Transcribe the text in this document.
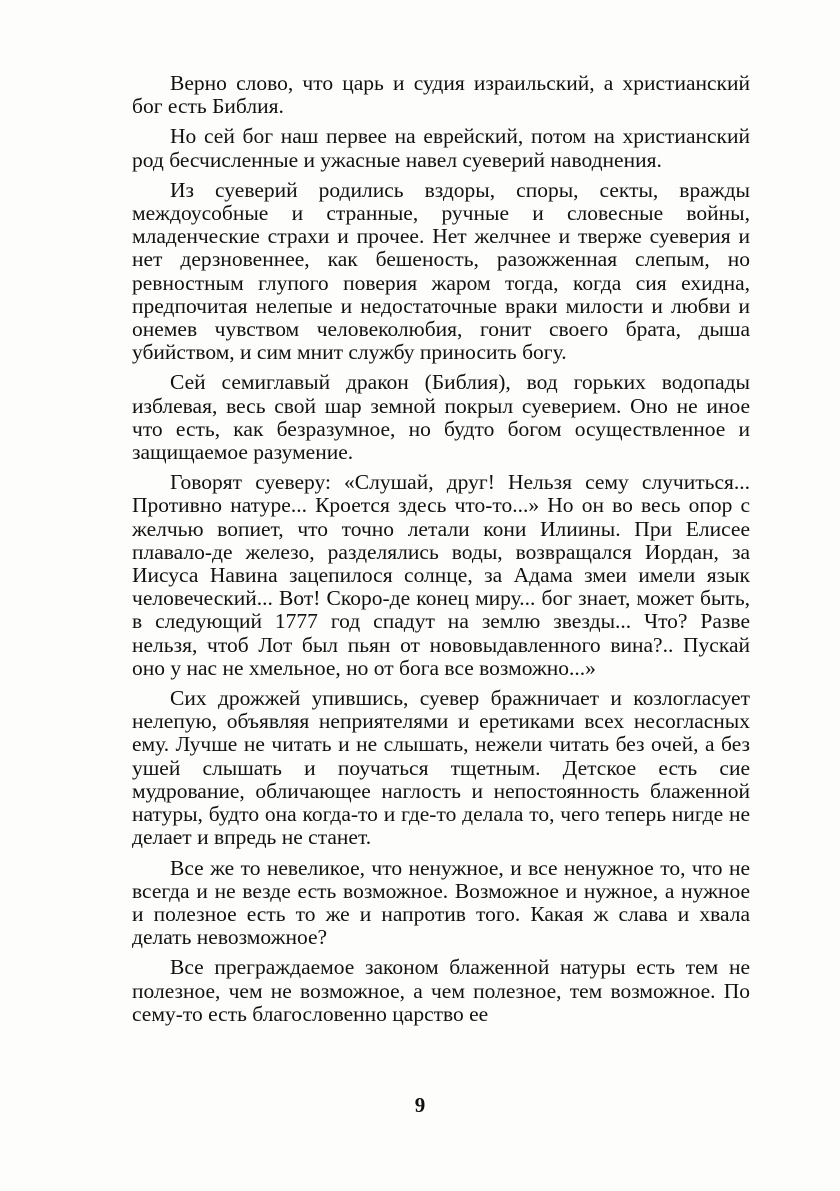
Верно слово, что царь и судия израильский, а христианский бог есть Библия.

Но сей бог наш первее на еврейский, потом на христианский род бесчисленные и ужасные навел суеверий наводнения.

Из суеверий родились вздоры, споры, секты, вражды междоусобные и странные, ручные и словесные войны, младенческие страхи и прочее. Нет желчнее и тверже суеверия и нет дерзновеннее, как бешеность, разожженная слепым, но ревностным глупого поверия жаром тогда, когда сия ехидна, предпочитая нелепые и недостаточные враки милости и любви и онемев чувством человеколюбия, гонит своего брата, дыша убийством, и сим мнит службу приносить богу.

Сей семиглавый дракон (Библия), вод горьких водопады изблевая, весь свой шар земной покрыл суеверием. Оно не иное что есть, как безразумное, но будто богом осуществленное и защищаемое разумение.

Говорят суеверу: «Слушай, друг! Нельзя сему случиться... Противно натуре... Кроется здесь что-то...» Но он во весь опор с желчью вопиет, что точно летали кони Илиины. При Елисее плавало-де железо, разделялись воды, возвращался Иордан, за Иисуса Навина зацепилося солнце, за Адама змеи имели язык человеческий... Вот! Скоро-де конец миру... бог знает, может быть, в следующий 1777 год спадут на землю звезды... Что? Разве нельзя, чтоб Лот был пьян от нововыдавленного вина?.. Пускай оно у нас не хмельное, но от бога все возможно...»

Сих дрожжей упившись, суевер бражничает и козлогласует нелепую, объявляя неприятелями и еретиками всех несогласных ему. Лучше не читать и не слышать, нежели читать без очей, а без ушей слышать и поучаться тщетным. Детское есть сие мудрование, обличающее наглость и непостоянность блаженной натуры, будто она когда-то и где-то делала то, чего теперь нигде не делает и впредь не станет.

Все же то невеликое, что ненужное, и все ненужное то, что не всегда и не везде есть возможное. Возможное и нужное, а нужное и полезное есть то же и напротив того. Какая ж слава и хвала делать невозможное?

Все преграждаемое законом блаженной натуры есть тем не полезное, чем не возможное, а чем полезное, тем возможное. По сему-то есть благословенно царство ее

9
